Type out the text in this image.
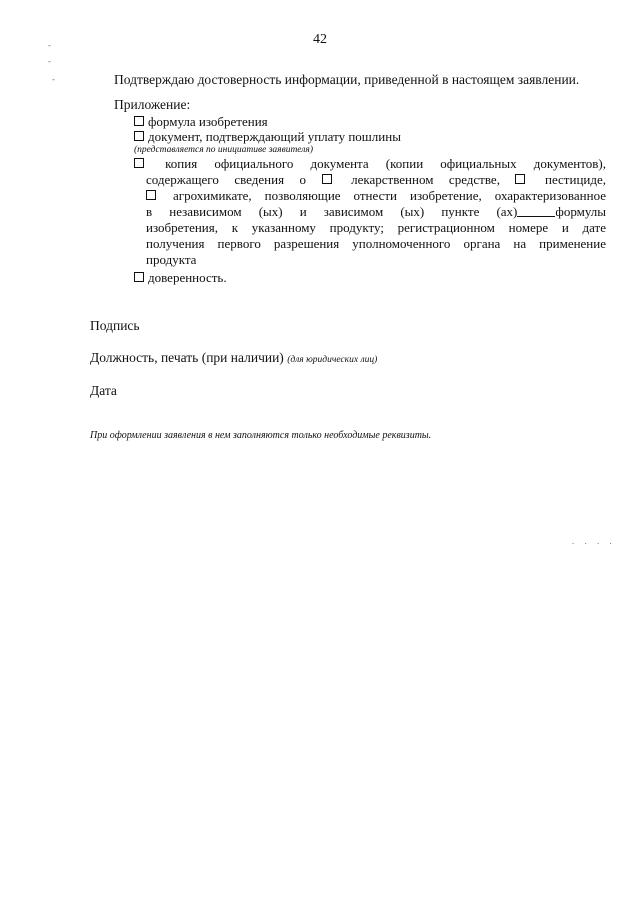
42
-
-
-	Подтверждаю достоверность информации, приведенной в настоящем заявлении.
Приложение:
формула изобретения
документ, подтверждающий уплату пошлины
(представляется по инициативе заявителя)
копия официального документа (копии официальных документов),
содержащего сведения о	лекарственном средстве,	пестициде,
агрохимикате, позволяющие отнести изобретение, охарактеризованное
в независимом (ых) и зависимом (ых) пункте (ах)	формулы
изобретения, к указанному продукту; регистрационном номере и дате
получения первого разрешения уполномоченного органа на применение
продукта
доверенность.
Подпись
Должность, печать (при наличии) (для юридических лиц)
Дата
При оформлении заявления в нем заполняются только необходимые реквизиты.
. . . .
